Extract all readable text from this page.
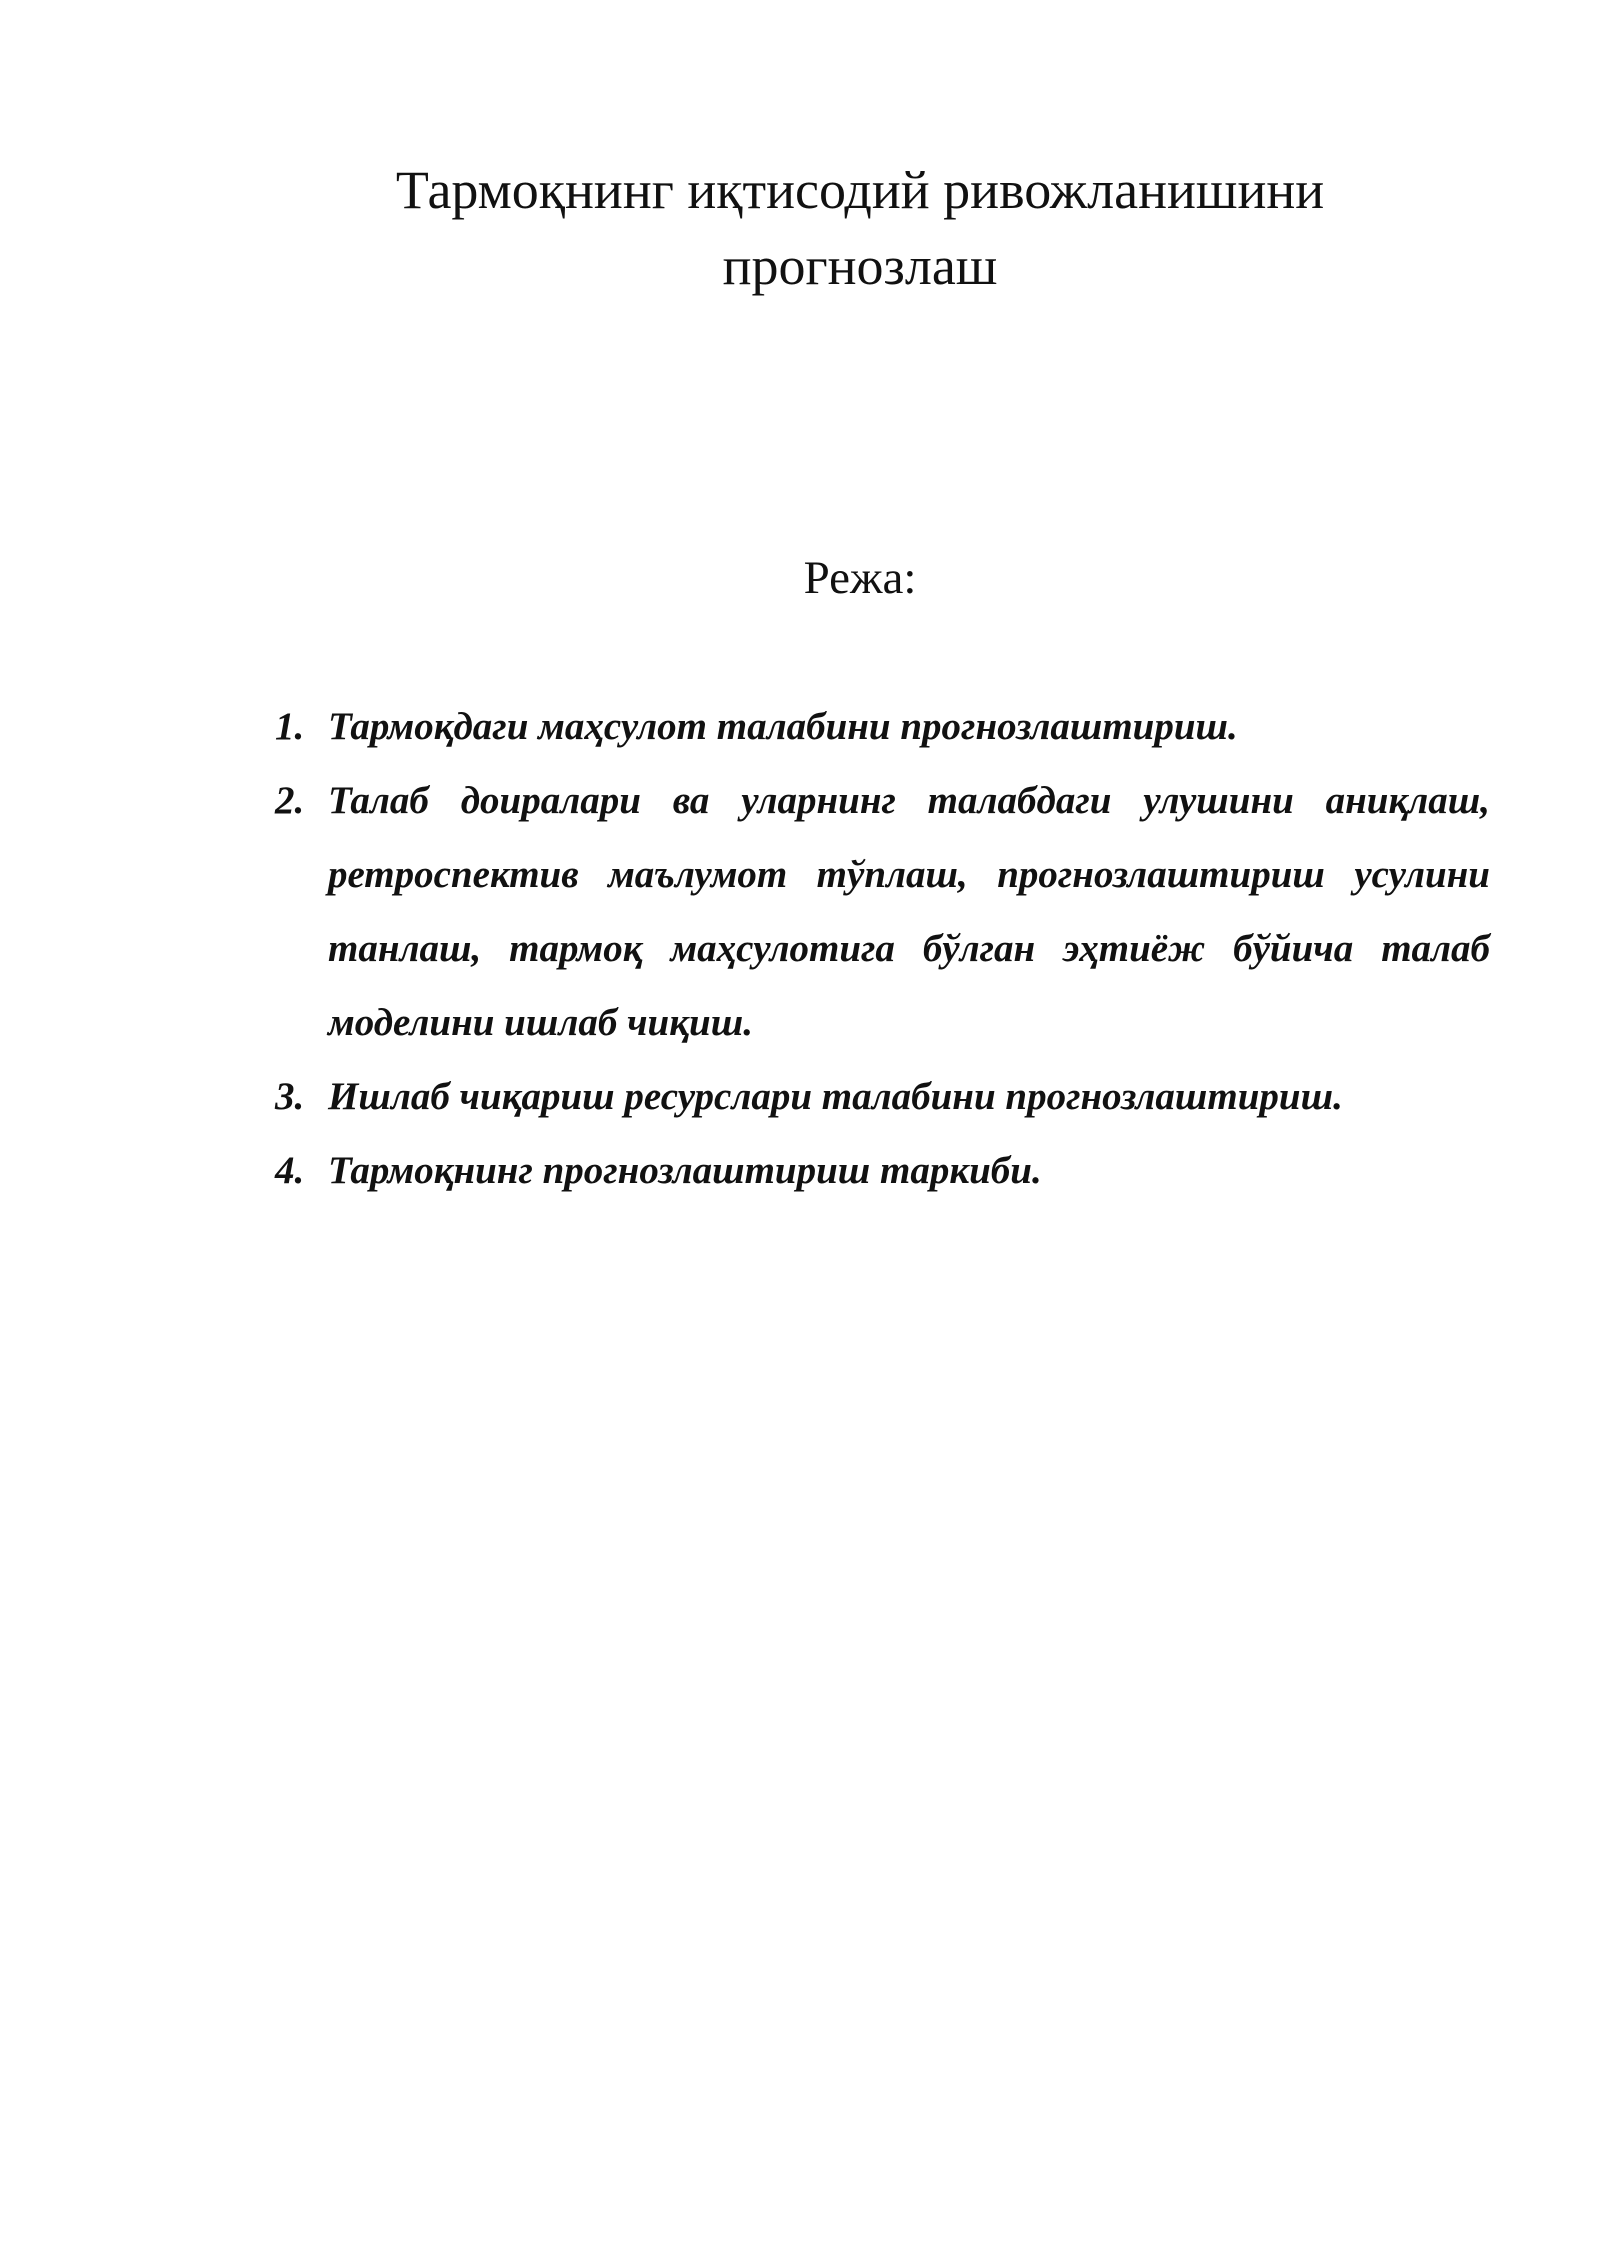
Тармоқнинг иқтисодий ривожланишини
прогнозлаш
Режа:
1. Тармоқдаги маҳсулот талабини прогнозлаштириш.
2. Талаб доиралари ва уларнинг талабдаги улушини аниқлаш, ретроспектив маълумот тўплаш, прогнозлаштириш усулини танлаш, тармоқ маҳсулотига бўлган эҳтиёж бўйича талаб моделини ишлаб чиқиш.
3. Ишлаб чиқариш ресурслари талабини прогнозлаштириш.
4. Тармоқнинг прогнозлаштириш таркиби.
